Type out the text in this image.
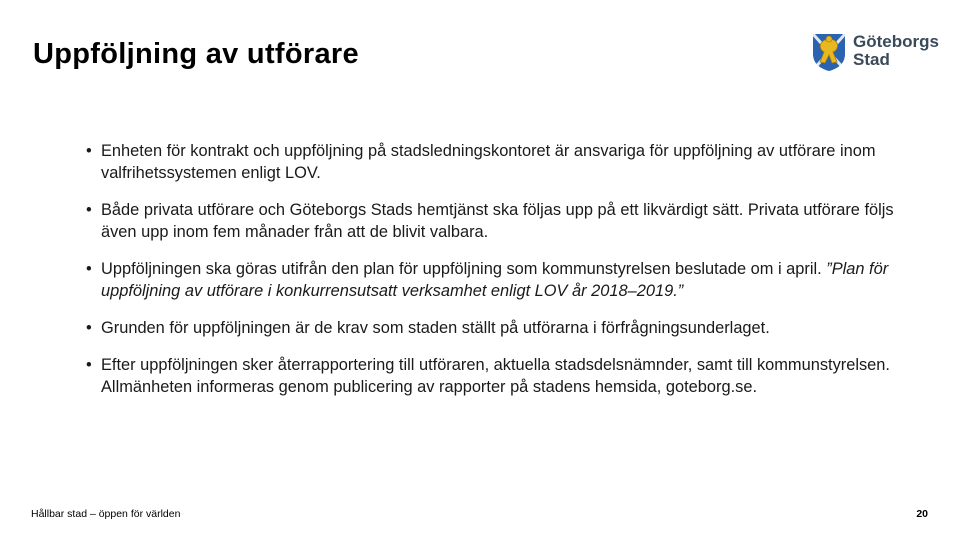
Uppföljning av utförare	Göteborgs
Stad
• Enheten för kontrakt och uppföljning på stadsledningskontoret är ansvariga för uppföljning av utförare inom valfrihetssystemen enligt LOV.
• Både privata utförare och Göteborgs Stads hemtjänst ska följas upp på ett likvärdigt sätt. Privata utförare följs även upp inom fem månader från att de blivit valbara.
• Uppföljningen ska göras utifrån den plan för uppföljning som kommunstyrelsen beslutade om i april. ”Plan för uppföljning av utförare i konkurrensutsatt verksamhet enligt LOV år 2018–2019.”
• Grunden för uppföljningen är de krav som staden ställt på utförarna i förfrågningsunderlaget.
• Efter uppföljningen sker återrapportering till utföraren, aktuella stadsdelsnämnder, samt till kommunstyrelsen. Allmänheten informeras genom publicering av rapporter på stadens hemsida, goteborg.se.
Hållbar stad – öppen för världen	20
